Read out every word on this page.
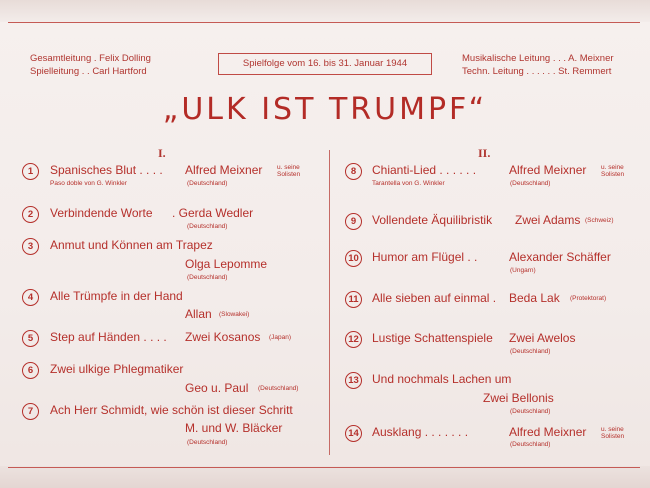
Gesamtleitung . Felix Dolling
Spielleitung . . Carl Hartford
Spielfolge vom 16. bis 31. Januar 1944	Musikalische Leitung . . . A. Meixner
Techn. Leitung . . . . . . St. Remmert
„ULK IST TRUMPF“
I.	II.
1	Spanisches Blut . . . . Alfred Meixner u. seine
Solisten
Paso doble von G. Winkler	(Deutschland)
2	Verbindende Worte . Gerda Wedler
(Deutschland)
3	Anmut und Können am Trapez
Olga Lepomme
(Deutschland)
4	Alle Trümpfe in der Hand
Allan (Slowakei)
5	Step auf Händen . . . . Zwei Kosanos (Japan)
6	Zwei ulkige Phlegmatiker
Geo u. Paul (Deutschland)
7	Ach Herr Schmidt, wie schön ist dieser Schritt
M. und W. Bläcker
(Deutschland)
8	Chianti-Lied . . . . . .	Alfred Meixner u. seine
Solisten
Tarantella von G. Winkler	(Deutschland)
9	Vollendete Äquilibristik Zwei Adams (Schweiz)
10 Humor am Flügel . .	Alexander Schäffer
(Ungarn)
11 Alle sieben auf einmal . Beda Lak (Protektorat)
12 Lustige Schattenspiele Zwei Awelos
(Deutschland)
13 Und nochmals Lachen um
Zwei Bellonis
(Deutschland)
14 Ausklang . . . . . . .	Alfred Meixner u. seine
Solisten
(Deutschland)
